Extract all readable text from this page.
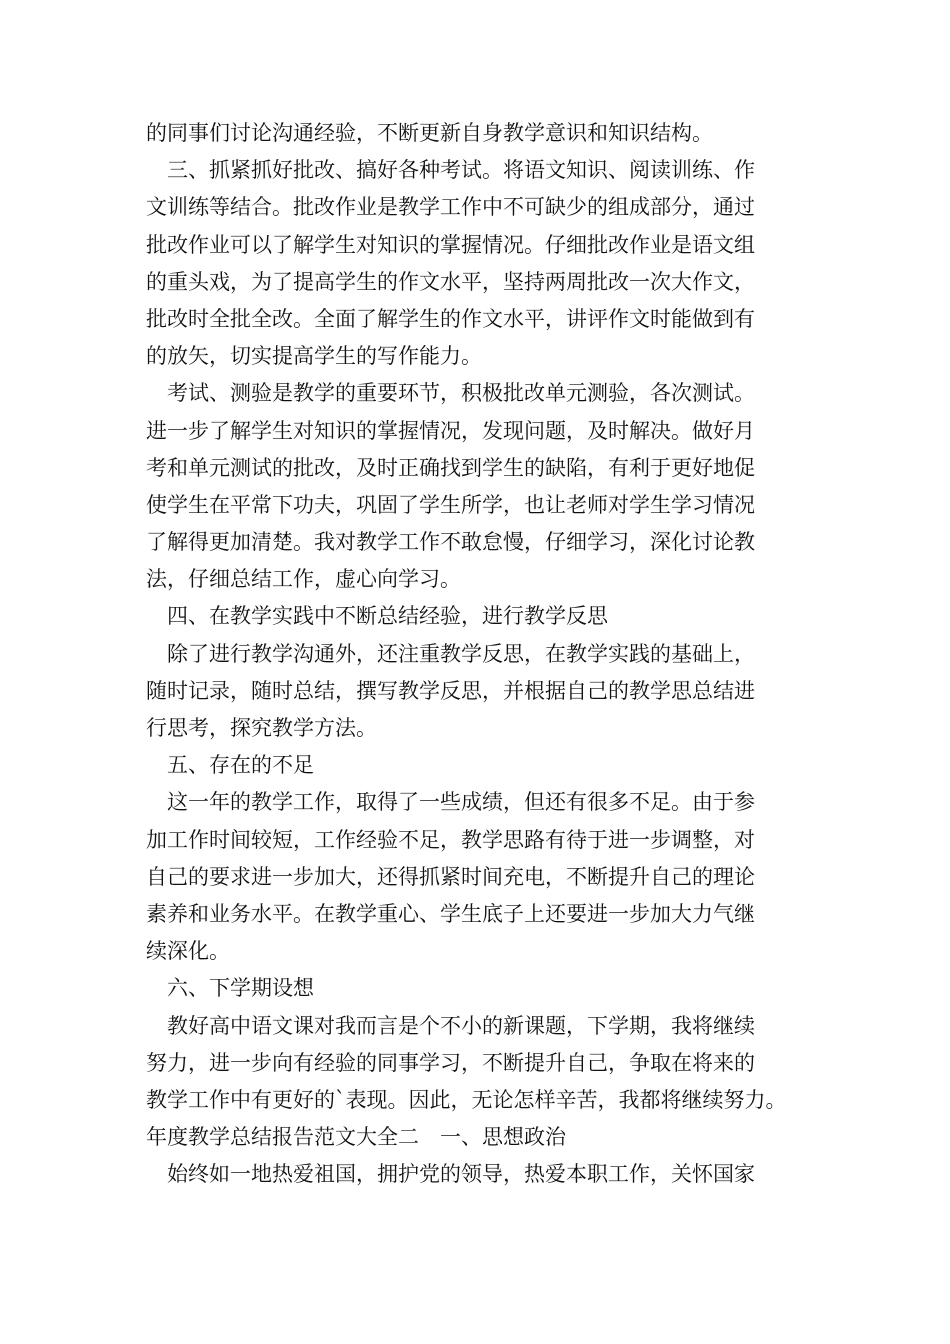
的同事们讨论沟通经验，不断更新自身教学意识和知识结构。
三、抓紧抓好批改、搞好各种考试。将语文知识、阅读训练、作
文训练等结合。批改作业是教学工作中不可缺少的组成部分，通过
批改作业可以了解学生对知识的掌握情况。仔细批改作业是语文组
的重头戏，为了提高学生的作文水平，坚持两周批改一次大作文，
批改时全批全改。全面了解学生的作文水平，讲评作文时能做到有
的放矢，切实提高学生的写作能力。
考试、测验是教学的重要环节，积极批改单元测验，各次测试。
进一步了解学生对知识的掌握情况，发现问题，及时解决。做好月
考和单元测试的批改，及时正确找到学生的缺陷，有利于更好地促
使学生在平常下功夫，巩固了学生所学，也让老师对学生学习情况
了解得更加清楚。我对教学工作不敢怠慢，仔细学习，深化讨论教
法，仔细总结工作，虚心向学习。
四、在教学实践中不断总结经验，进行教学反思
除了进行教学沟通外，还注重教学反思，在教学实践的基础上，
随时记录，随时总结，撰写教学反思，并根据自己的教学思总结进
行思考，探究教学方法。
五、存在的不足
这一年的教学工作，取得了一些成绩，但还有很多不足。由于参
加工作时间较短，工作经验不足，教学思路有待于进一步调整，对
自己的要求进一步加大，还得抓紧时间充电，不断提升自己的理论
素养和业务水平。在教学重心、学生底子上还要进一步加大力气继
续深化。
六、下学期设想
教好高中语文课对我而言是个不小的新课题，下学期，我将继续
努力，进一步向有经验的同事学习，不断提升自己，争取在将来的
教学工作中有更好的`表现。因此，无论怎样辛苦，我都将继续努力。
年度教学总结报告范文大全二　一、思想政治
始终如一地热爱祖国，拥护党的领导，热爱本职工作，关怀国家
